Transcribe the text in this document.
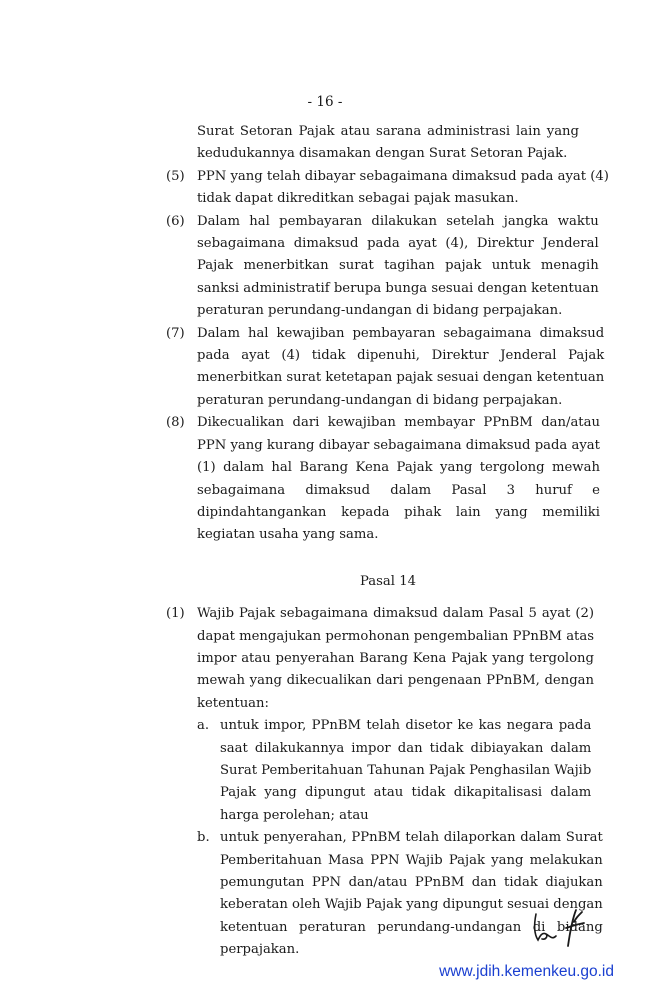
- 16 -
Surat Setoran Pajak atau sarana administrasi lain yang
kedudukannya disamakan dengan Surat Setoran Pajak.
(5) PPN yang telah dibayar sebagaimana dimaksud pada ayat (4)
tidak dapat dikreditkan sebagai pajak masukan.
(6) Dalam hal pembayaran dilakukan setelah jangka waktu
sebagaimana dimaksud pada ayat (4), Direktur Jenderal
Pajak menerbitkan surat tagihan pajak untuk menagih
sanksi administratif berupa bunga sesuai dengan ketentuan
peraturan perundang-undangan di bidang perpajakan.
(7) Dalam hal kewajiban pembayaran sebagaimana dimaksud
pada ayat (4) tidak dipenuhi, Direktur Jenderal Pajak
menerbitkan surat ketetapan pajak sesuai dengan ketentuan
peraturan perundang-undangan di bidang perpajakan.
(8) Dikecualikan dari kewajiban membayar PPnBM dan/atau
PPN yang kurang dibayar sebagaimana dimaksud pada ayat
(1) dalam hal Barang Kena Pajak yang tergolong mewah
sebagaimana dimaksud dalam Pasal 3 huruf e
dipindahtangankan kepada pihak lain yang memiliki
kegiatan usaha yang sama.
Pasal 14
(1) Wajib Pajak sebagaimana dimaksud dalam Pasal 5 ayat (2)
dapat mengajukan permohonan pengembalian PPnBM atas
impor atau penyerahan Barang Kena Pajak yang tergolong
mewah yang dikecualikan dari pengenaan PPnBM, dengan
ketentuan:
a. untuk impor, PPnBM telah disetor ke kas negara pada
saat dilakukannya impor dan tidak dibiayakan dalam
Surat Pemberitahuan Tahunan Pajak Penghasilan Wajib
Pajak yang dipungut atau tidak dikapitalisasi dalam
harga perolehan; atau
b. untuk penyerahan, PPnBM telah dilaporkan dalam Surat
Pemberitahuan Masa PPN Wajib Pajak yang melakukan
pemungutan PPN dan/atau PPnBM dan tidak diajukan
keberatan oleh Wajib Pajak yang dipungut sesuai dengan
ketentuan peraturan perundang-undangan di bidang
perpajakan.
www.jdih.kemenkeu.go.id
